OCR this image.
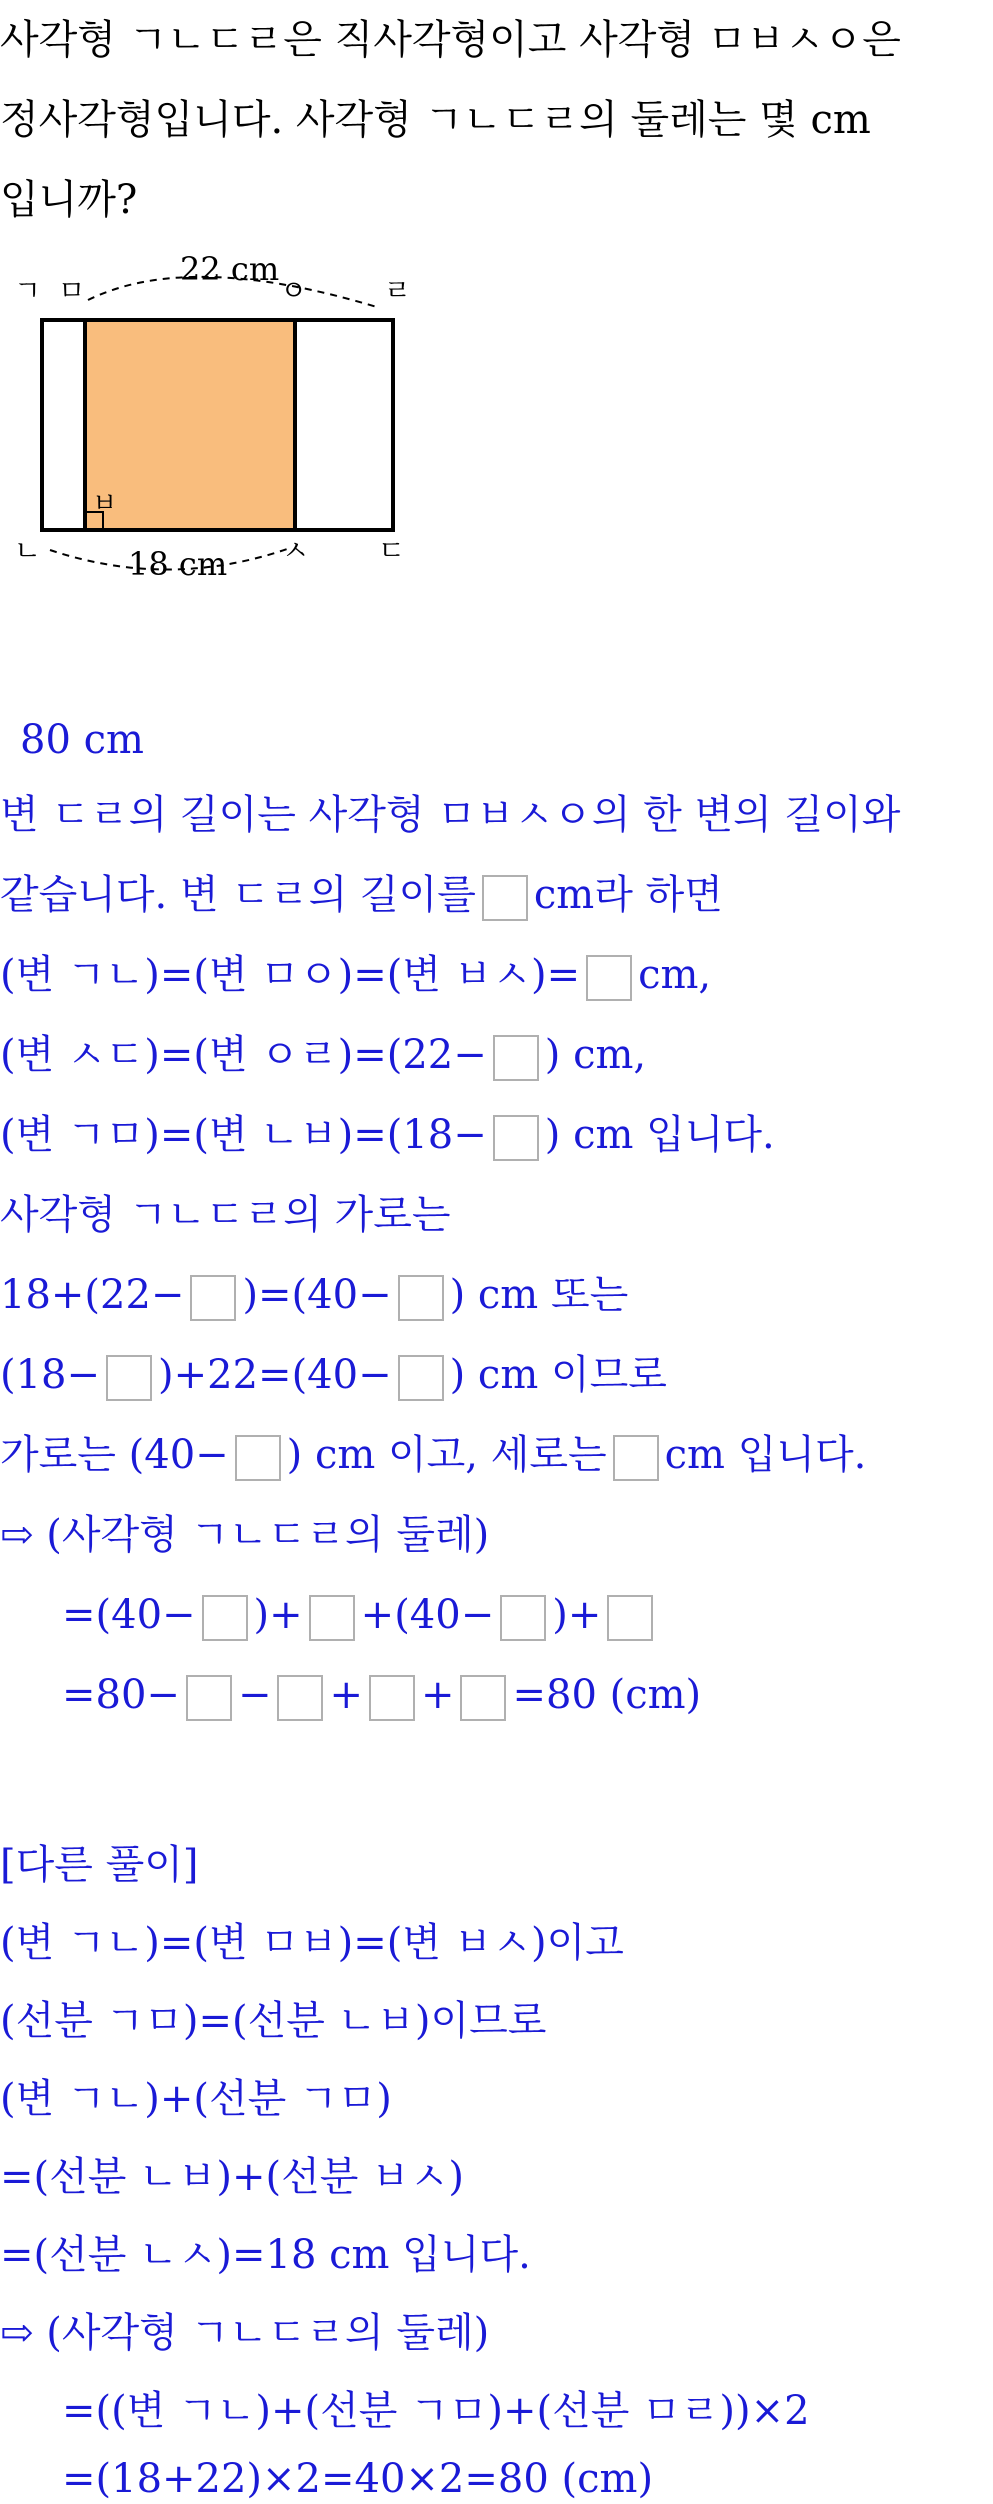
사각형 ㄱㄴㄷㄹ은 직사각형이고 사각형 ㅁㅂㅅㅇ은

정사각형입니다. 사각형 ㄱㄴㄷㄹ의 둘레는 몇 cm

입니까?

22 cm
18 cm
ㄱ ㅁ	ㅇ	ㄹ
ㅂ
ㄴ	ㅅ ㄷ
80 cm
변 ㄷㄹ의 길이는 사각형 ㅁㅂㅅㅇ의 한 변의 길이와
같습니다. 변 ㄷㄹ의 길이를 cm라 하면
(변 ㄱㄴ)=(변 ㅁㅇ)=(변 ㅂㅅ)= cm,
(변 ㅅㄷ)=(변 ㅇㄹ)=(22− ) cm,
(변 ㄱㅁ)=(변 ㄴㅂ)=(18− ) cm 입니다.
사각형 ㄱㄴㄷㄹ의 가로는
18+(22− )=(40− ) cm 또는
(18− )+22=(40− ) cm 이므로
가로는 (40− ) cm 이고, 세로는 cm 입니다.
⇨ (사각형 ㄱㄴㄷㄹ의 둘레)
=(40− )+ +(40− )+
=80− − + + =80 (cm)
[다른 풀이]
(변 ㄱㄴ)=(변 ㅁㅂ)=(변 ㅂㅅ)이고
(선분 ㄱㅁ)=(선분 ㄴㅂ)이므로
(변 ㄱㄴ)+(선분 ㄱㅁ)
=(선분 ㄴㅂ)+(선분 ㅂㅅ)
=(선분 ㄴㅅ)=18 cm 입니다.
⇨ (사각형 ㄱㄴㄷㄹ의 둘레)
=((변 ㄱㄴ)+(선분 ㄱㅁ)+(선분 ㅁㄹ))×2
=(18+22)×2=40×2=80 (cm)
